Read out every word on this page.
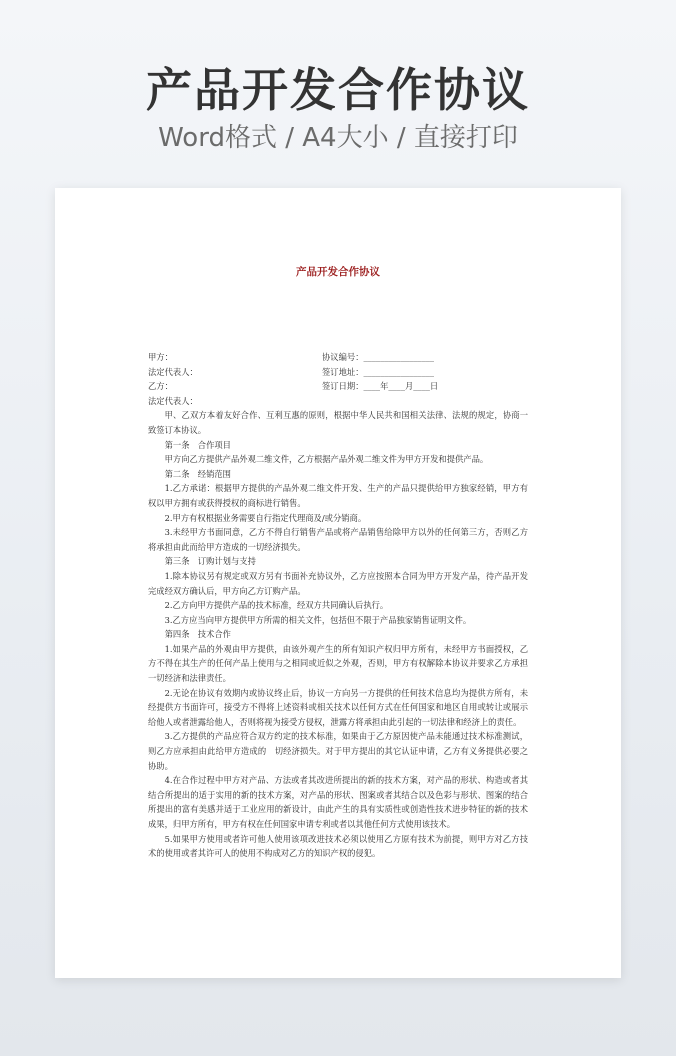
产品开发合作协议
Word格式 / A4大小 / 直接打印
产品开发合作协议
甲方：	协议编号：_________________
法定代表人：	签订地址：_________________
乙方：	签订日期：____年____月____日
法定代表人：

甲、乙双方本着友好合作、互利互惠的原则，根据中华人民共和国相关法律、法规的规定，协商一致签订本协议。

第一条　合作项目

甲方向乙方提供产品外观二维文件，乙方根据产品外观二维文件为甲方开发和提供产品。

第二条　经销范围

1.乙方承诺：根据甲方提供的产品外观二维文件开发、生产的产品只提供给甲方独家经销，甲方有权以甲方拥有或获得授权的商标进行销售。

2.甲方有权根据业务需要自行指定代理商及/或分销商。

3.未经甲方书面同意，乙方不得自行销售产品或将产品销售给除甲方以外的任何第三方，否则乙方将承担由此而给甲方造成的一切经济损失。

第三条　订购计划与支持

1.除本协议另有规定或双方另有书面补充协议外，乙方应按照本合同为甲方开发产品，待产品开发完成经双方确认后，甲方向乙方订购产品。

2.乙方向甲方提供产品的技术标准，经双方共同确认后执行。

3.乙方应当向甲方提供甲方所需的相关文件，包括但不限于产品独家销售证明文件。

第四条　技术合作

1.如果产品的外观由甲方提供，由该外观产生的所有知识产权归甲方所有，未经甲方书面授权，乙方不得在其生产的任何产品上使用与之相同或近似之外观，否则，甲方有权解除本协议并要求乙方承担一切经济和法律责任。

2.无论在协议有效期内或协议终止后，协议一方向另一方提供的任何技术信息均为提供方所有，未经提供方书面许可，接受方不得将上述资料或相关技术以任何方式在任何国家和地区自用或转让或展示给他人或者泄露给他人，否则将视为接受方侵权，泄露方将承担由此引起的一切法律和经济上的责任。

3.乙方提供的产品应符合双方约定的技术标准，如果由于乙方原因使产品未能通过技术标准测试，则乙方应承担由此给甲方造成的　切经济损失。对于甲方提出的其它认证申请，乙方有义务提供必要之协助。

4.在合作过程中甲方对产品、方法或者其改进所提出的新的技术方案，对产品的形状、构造或者其结合所提出的适于实用的新的技术方案，对产品的形状、图案或者其结合以及色彩与形状、图案的结合所提出的富有美感并适于工业应用的新设计，由此产生的具有实质性或创造性技术进步特征的新的技术成果，归甲方所有，甲方有权在任何国家申请专利或者以其他任何方式使用该技术。

5.如果甲方使用或者许可他人使用该项改进技术必须以使用乙方原有技术为前提，则甲方对乙方技术的使用或者其许可人的使用不构成对乙方的知识产权的侵犯。
